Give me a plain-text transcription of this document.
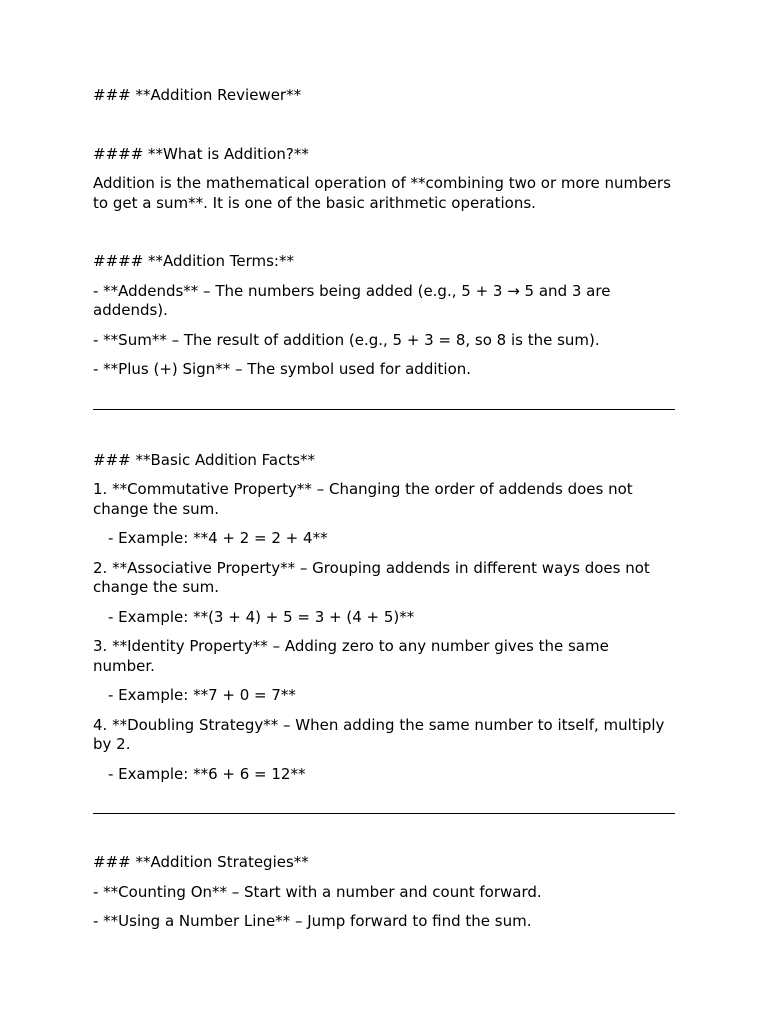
### **Addition Reviewer**

#### **What is Addition?**

Addition is the mathematical operation of **combining two or more numbers to get a sum**. It is one of the basic arithmetic operations.

#### **Addition Terms:**

- **Addends** – The numbers being added (e.g., 5 + 3 → 5 and 3 are addends).

- **Sum** – The result of addition (e.g., 5 + 3 = 8, so 8 is the sum).

- **Plus (+) Sign** – The symbol used for addition.

### **Basic Addition Facts**

1. **Commutative Property** – Changing the order of addends does not change the sum.

- Example: **4 + 2 = 2 + 4**

2. **Associative Property** – Grouping addends in different ways does not change the sum.

- Example: **(3 + 4) + 5 = 3 + (4 + 5)**

3. **Identity Property** – Adding zero to any number gives the same number.

- Example: **7 + 0 = 7**

4. **Doubling Strategy** – When adding the same number to itself, multiply by 2.

- Example: **6 + 6 = 12**

### **Addition Strategies**

- **Counting On** – Start with a number and count forward.

- **Using a Number Line** – Jump forward to find the sum.
